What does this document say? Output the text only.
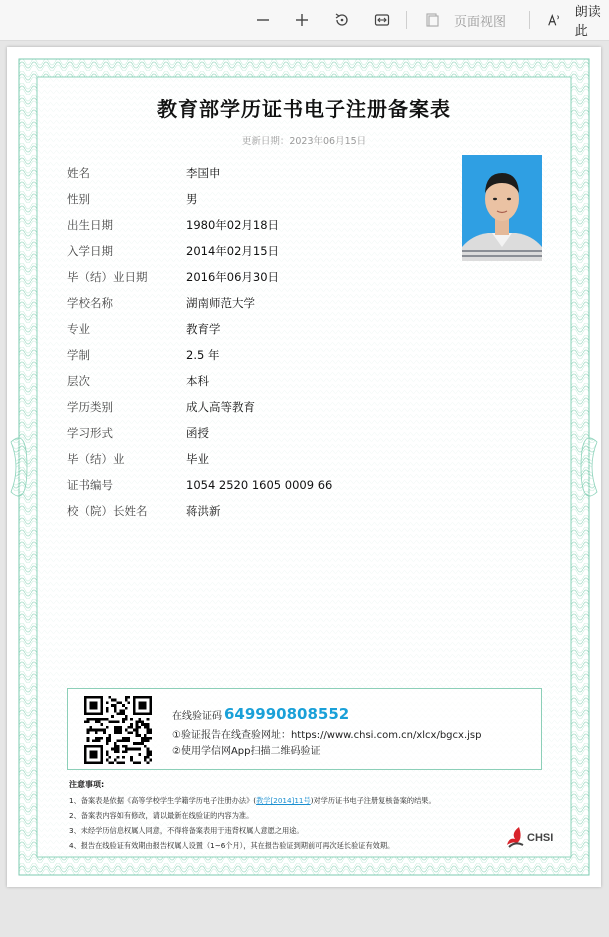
页面视图
朗读此
教育部学历证书电子注册备案表
更新日期：2023年06月15日
姓名	李国申
性别	男
出生日期	1980年02月18日
入学日期	2014年02月15日
毕（结）业日期	2016年06月30日
学校名称	湖南师范大学
专业	教育学
学制	2.5 年
层次	本科
学历类别	成人高等教育
学习形式	函授
毕（结）业	毕业
证书编号	1054 2520 1605 0009 66
校（院）长姓名	蒋洪新
在线验证码 649990808552
①验证报告在线查验网址：https://www.chsi.com.cn/xlcx/bgcx.jsp
②使用学信网App扫描二维码验证
注意事项:
1、备案表是依据《高等学校学生学籍学历电子注册办法》(教学[2014]11号)对学历证书电子注册复核备案的结果。
2、备案表内容如有修改，请以最新在线验证的内容为准。
3、未经学历信息权属人同意，不得将备案表用于违背权属人意愿之用途。
4、报告在线验证有效期由报告权属人设置（1~6个月），其在报告验证到期前可再次延长验证有效期。
CHSI
